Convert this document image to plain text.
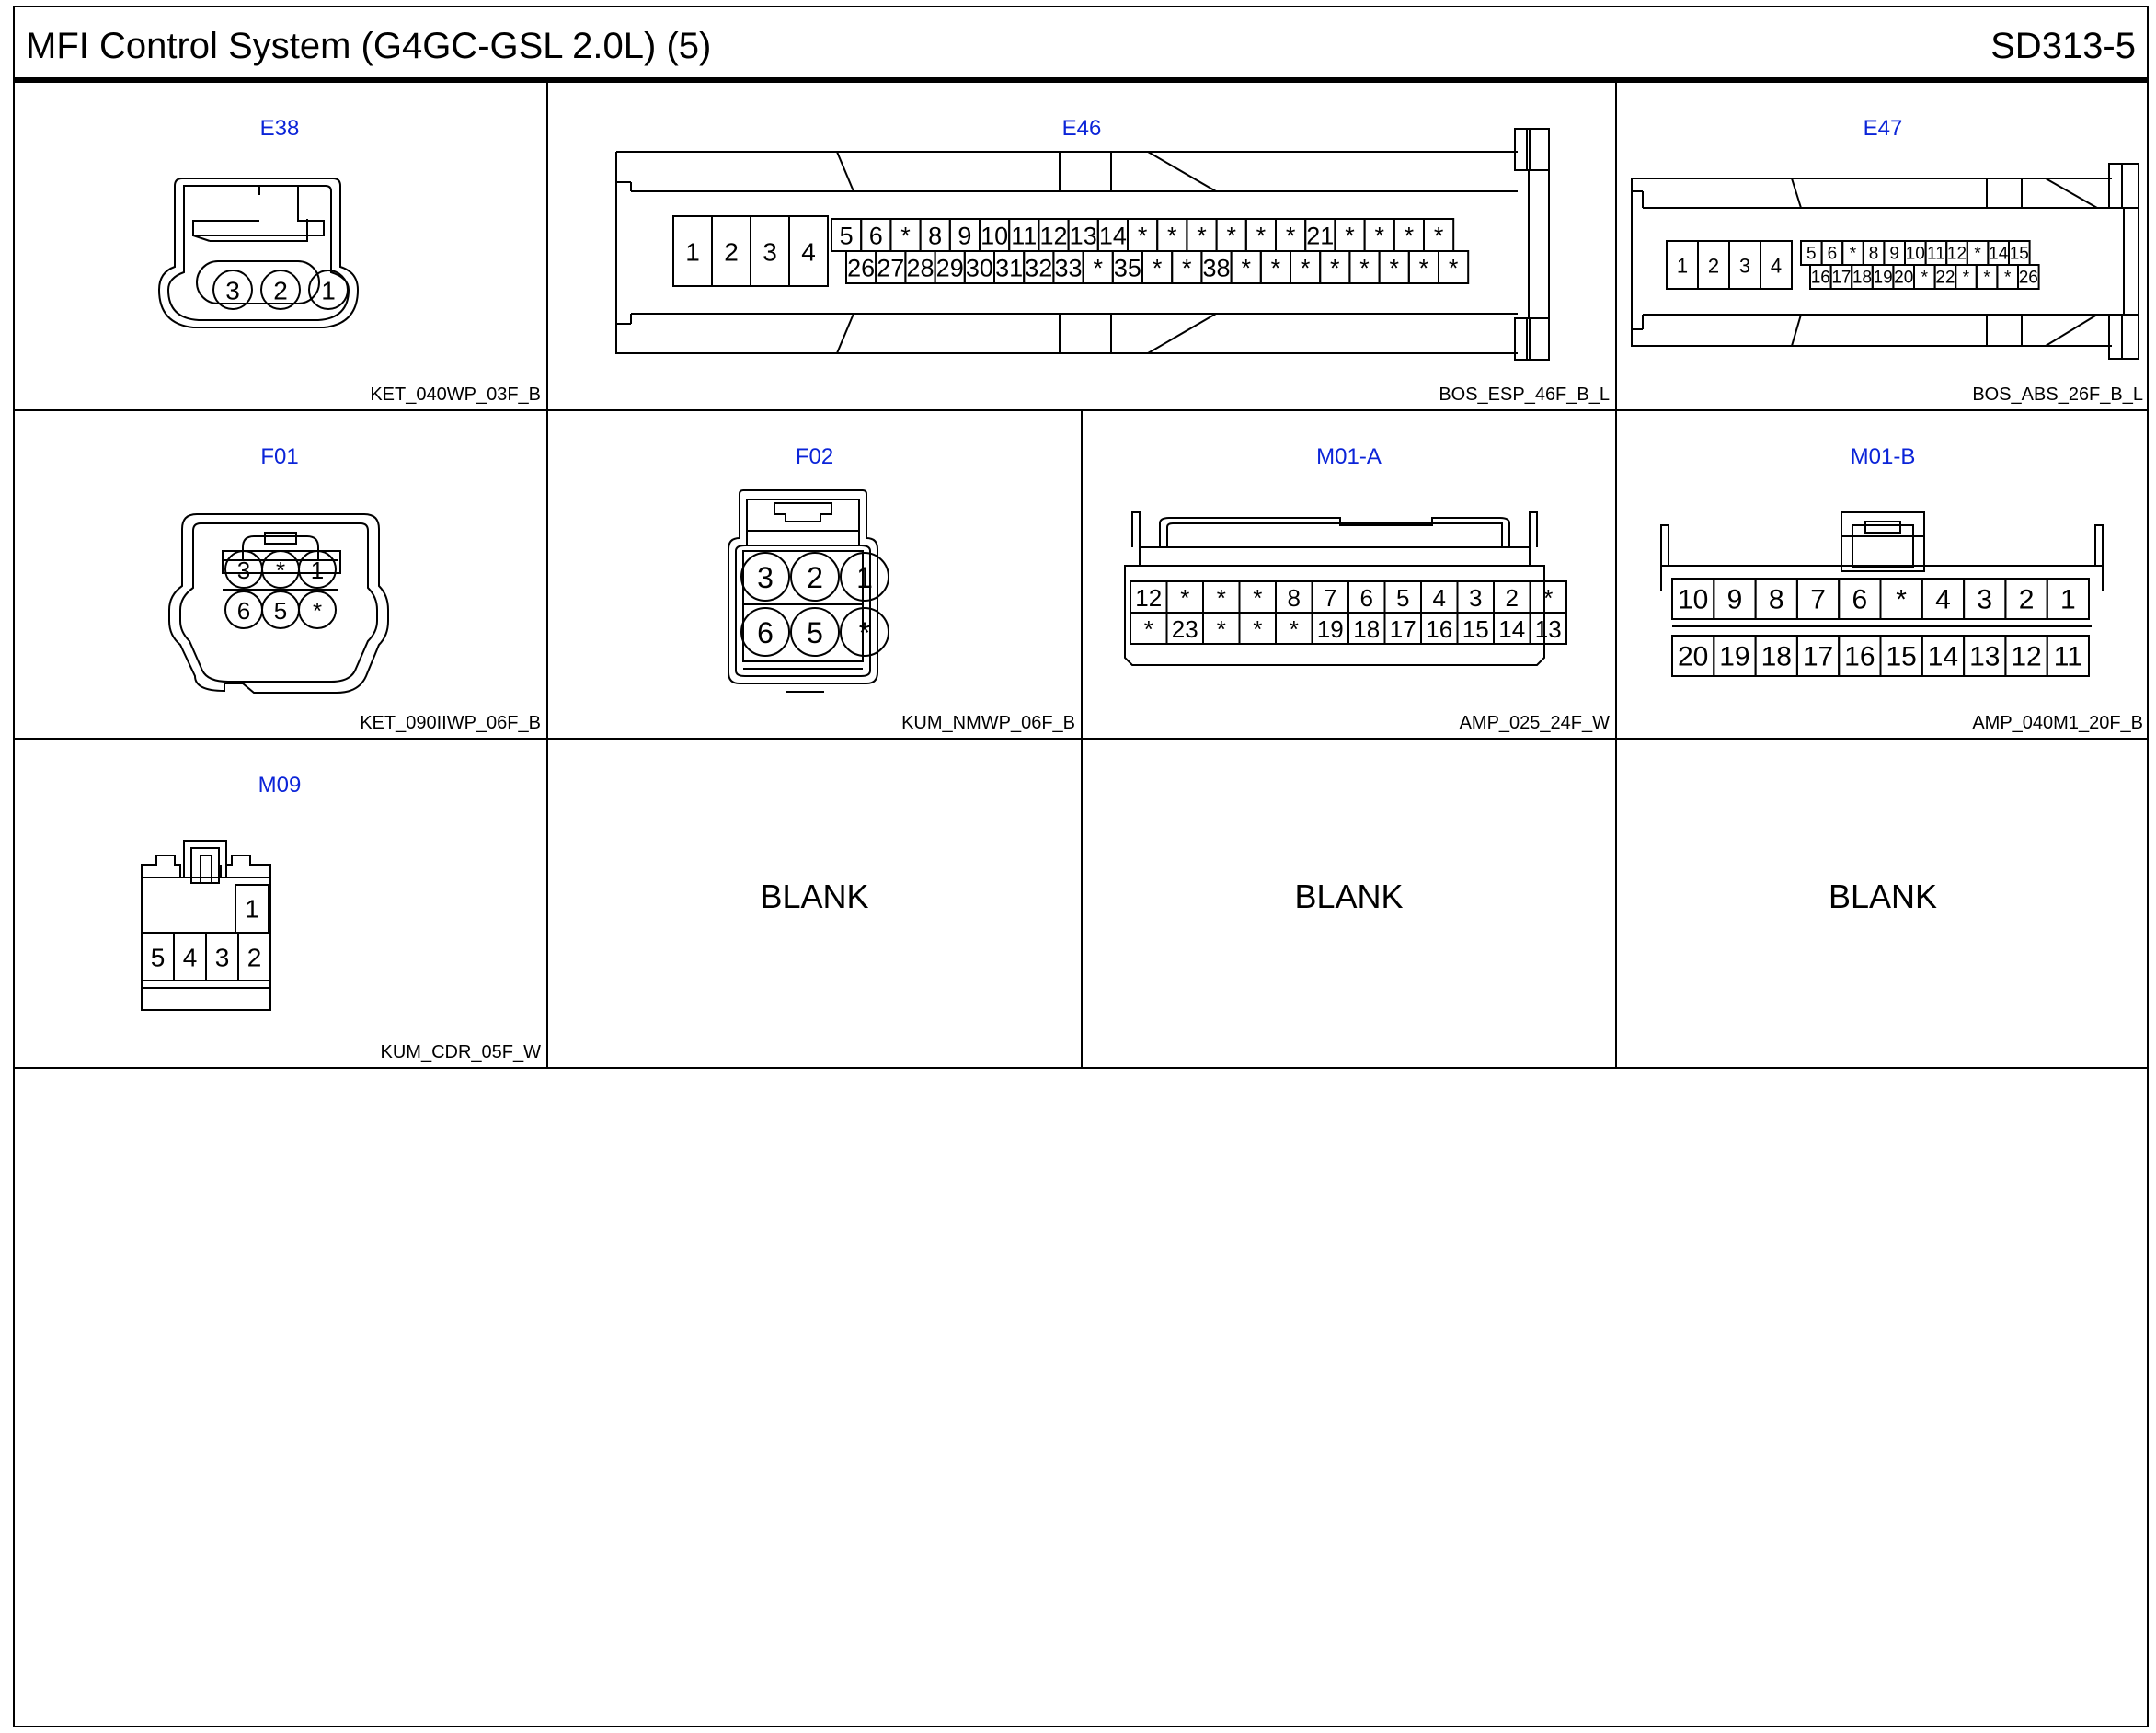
MFI Control System (G4GC-GSL 2.0L) (5)	SD313-5
E38
3 2 1
KET_040WP_03F_B
E46
1 2 3 4
5 6 * 8 9 10 11 12 13 14 * * * * * * 21 * * * *
26 27 28 29 30 31 32 33 * 35 * * 38 * * * * * * * *
BOS_ESP_46F_B_L
E47
1 2 3 4
5 6 * 8 9 10 11 12 * 14 15
16 17 18 19 20 * 22 * * * 26
BOS_ABS_26F_B_L
F01
3 * 1
6 5 *
KET_090IIWP_06F_B
F02
3 2 1
6 5 *
KUM_NMWP_06F_B
M01-A
12 * * * 8 7 6 5 4 3 2 *
* 23 * * * 19 18 17 16 15 14 13
AMP_025_24F_W
M01-B
10 9 8 7 6 * 4 3 2 1
20 19 18 17 16 15 14 13 12 11
AMP_040M1_20F_B
M09
1
5 4 3 2
KUM_CDR_05F_W
BLANK	BLANK	BLANK
